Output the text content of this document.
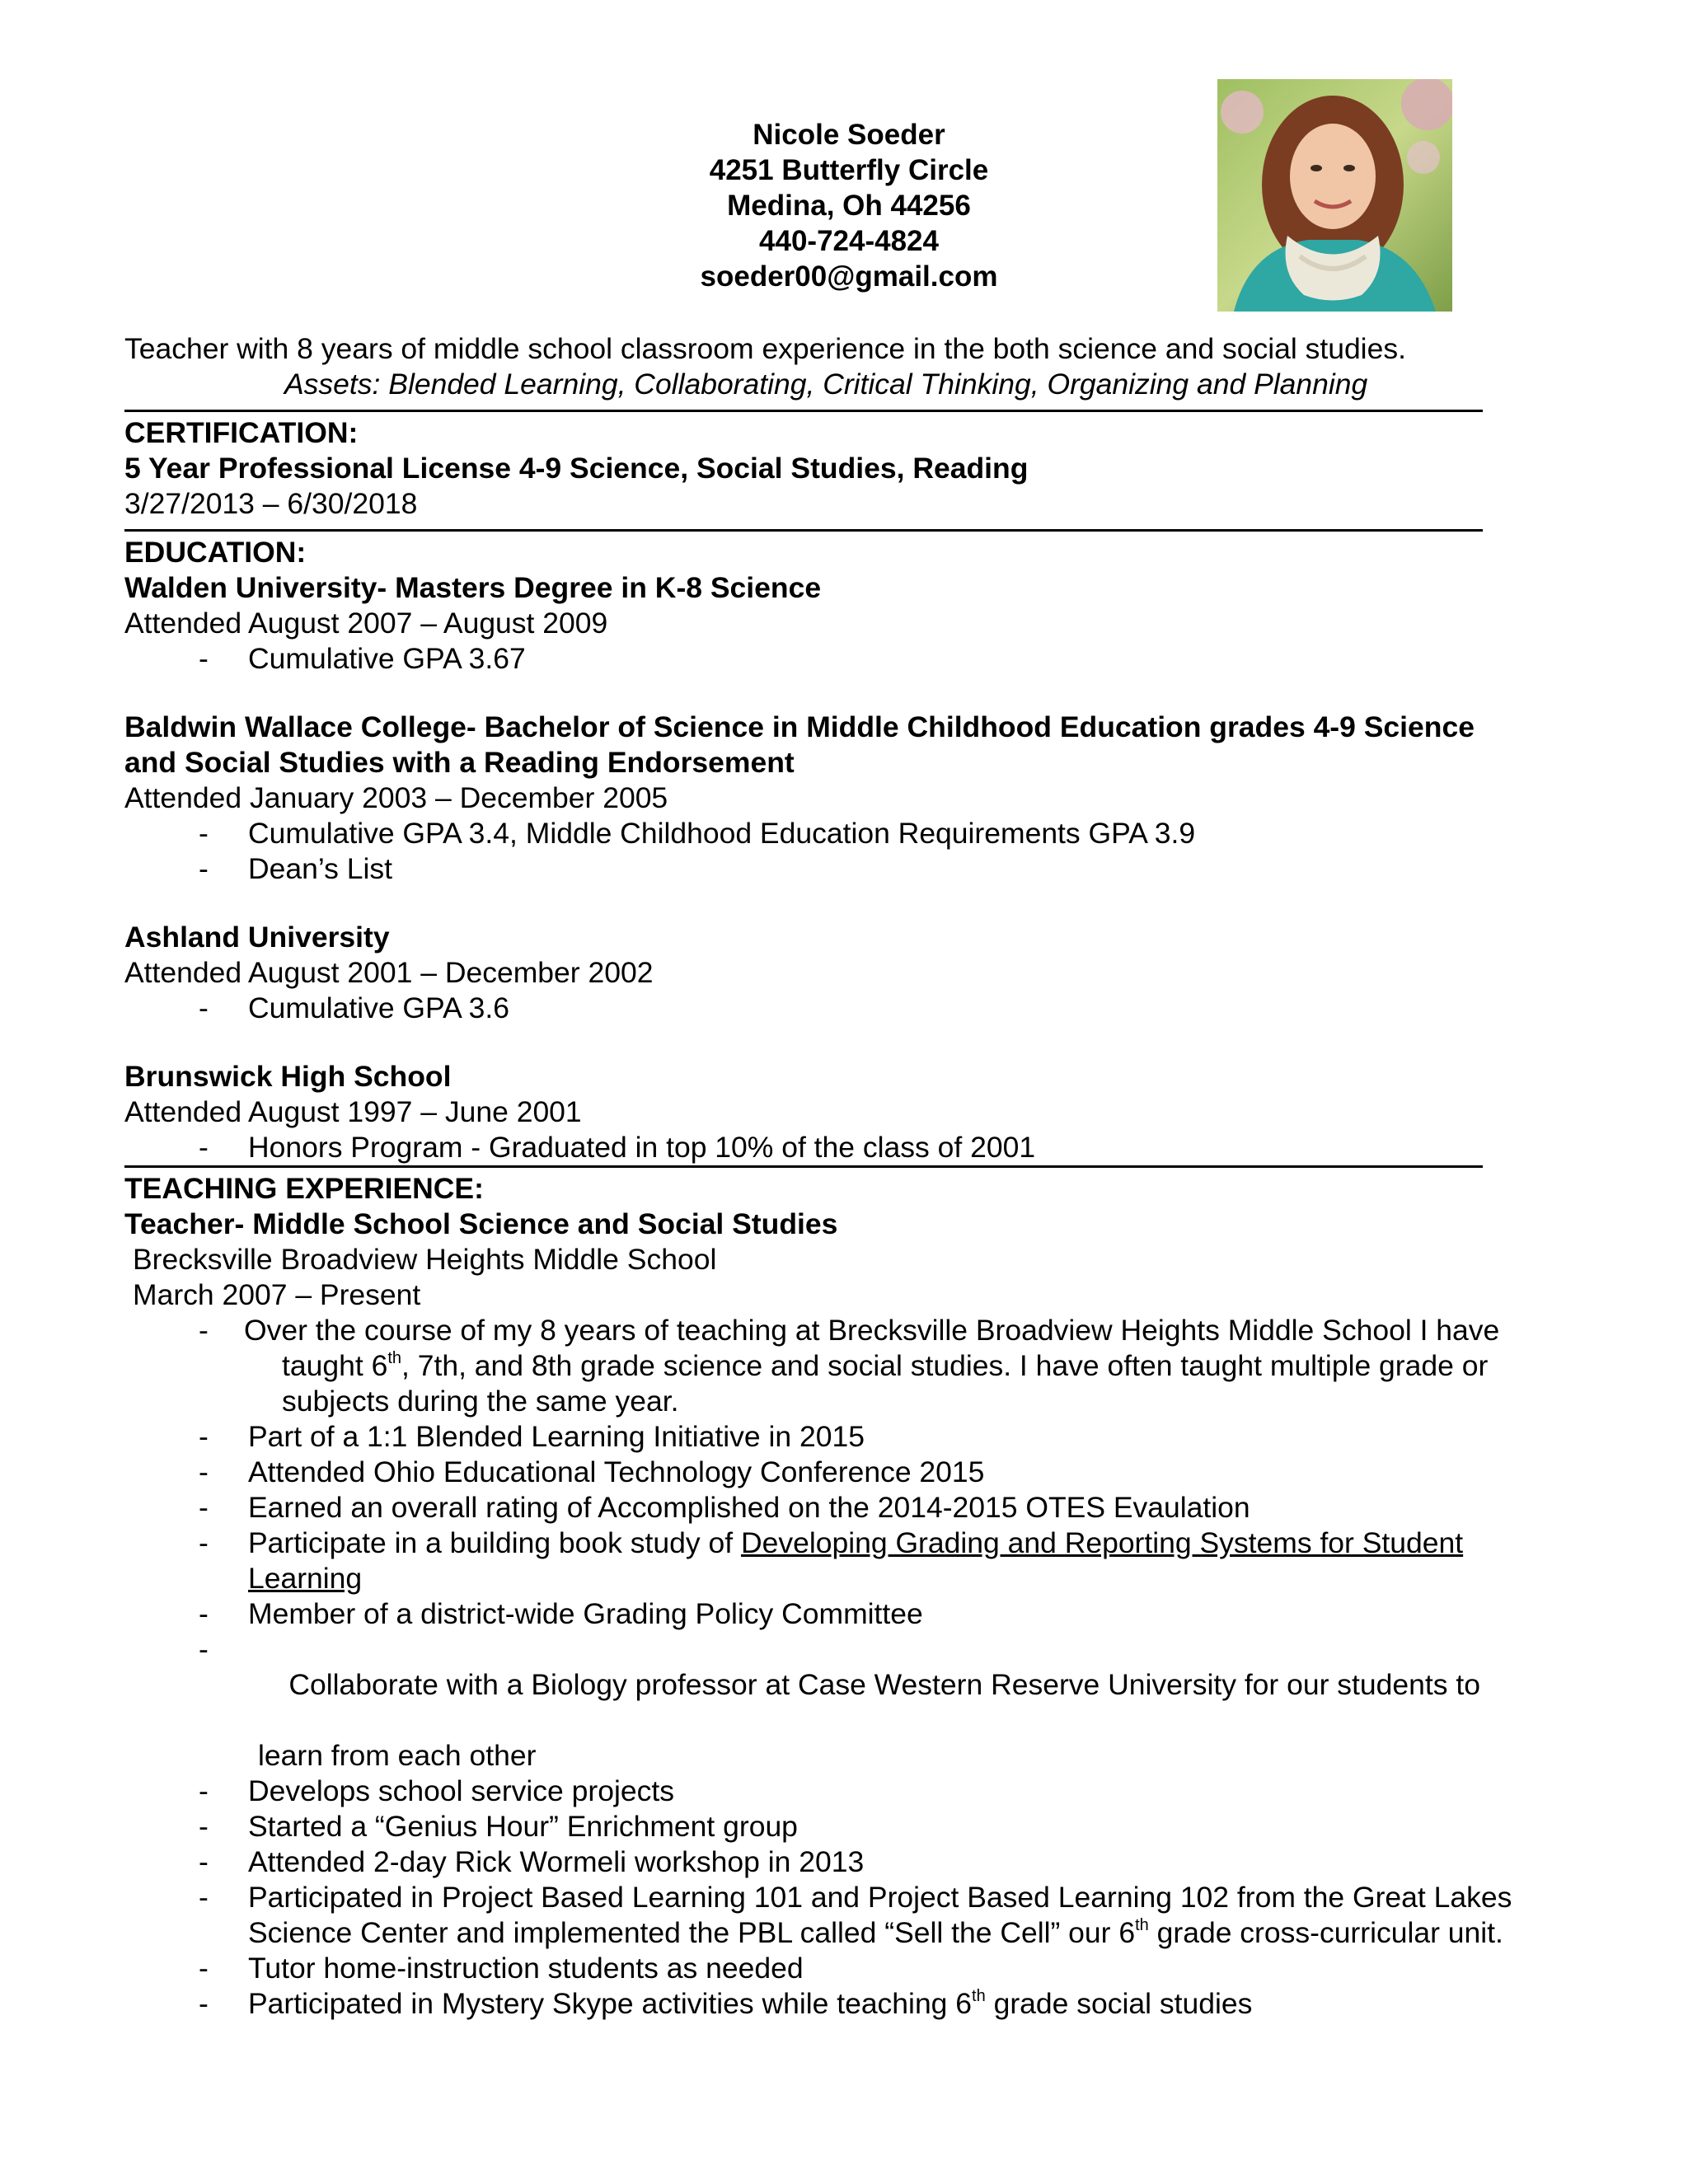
Nicole Soeder
4251 Butterfly Circle
Medina, Oh 44256
440-724-4824
soeder00@gmail.com
Teacher with 8 years of middle school classroom experience in the both science and social studies.
Assets: Blended Learning, Collaborating, Critical Thinking, Organizing and Planning
CERTIFICATION:
5 Year Professional License 4-9 Science, Social Studies, Reading
3/27/2013 – 6/30/2018
EDUCATION:
Walden University- Masters Degree in K-8 Science
Attended August 2007 – August 2009
- Cumulative GPA 3.67
Baldwin Wallace College- Bachelor of Science in Middle Childhood Education grades 4-9 Science
and Social Studies with a Reading Endorsement
Attended January 2003 – December 2005
- Cumulative GPA 3.4, Middle Childhood Education Requirements GPA 3.9
- Dean’s List
Ashland University
Attended August 2001 – December 2002
- Cumulative GPA 3.6
Brunswick High School
Attended August 1997 – June 2001
- Honors Program - Graduated in top 10% of the class of 2001
TEACHING EXPERIENCE:
Teacher- Middle School Science and Social Studies
Brecksville Broadview Heights Middle School
March 2007 – Present
- Over the course of my 8 years of teaching at Brecksville Broadview Heights Middle School I have
taught 6th, 7th, and 8th grade science and social studies. I have often taught multiple grade or
subjects during the same year.
- Part of a 1:1 Blended Learning Initiative in 2015
- Attended Ohio Educational Technology Conference 2015
- Earned an overall rating of Accomplished on the 2014-2015 OTES Evaulation
- Participate in a building book study of Developing Grading and Reporting Systems for Student
Learning
- Member of a district-wide Grading Policy Committee

-
Collaborate with a Biology professor at Case Western Reserve University for our students to

learn from each other
- Develops school service projects
- Started a “Genius Hour” Enrichment group
- Attended 2-day Rick Wormeli workshop in 2013
- Participated in Project Based Learning 101 and Project Based Learning 102 from the Great Lakes
Science Center and implemented the PBL called “Sell the Cell” our 6th grade cross-curricular unit.
- Tutor home-instruction students as needed
- Participated in Mystery Skype activities while teaching 6th grade social studies
